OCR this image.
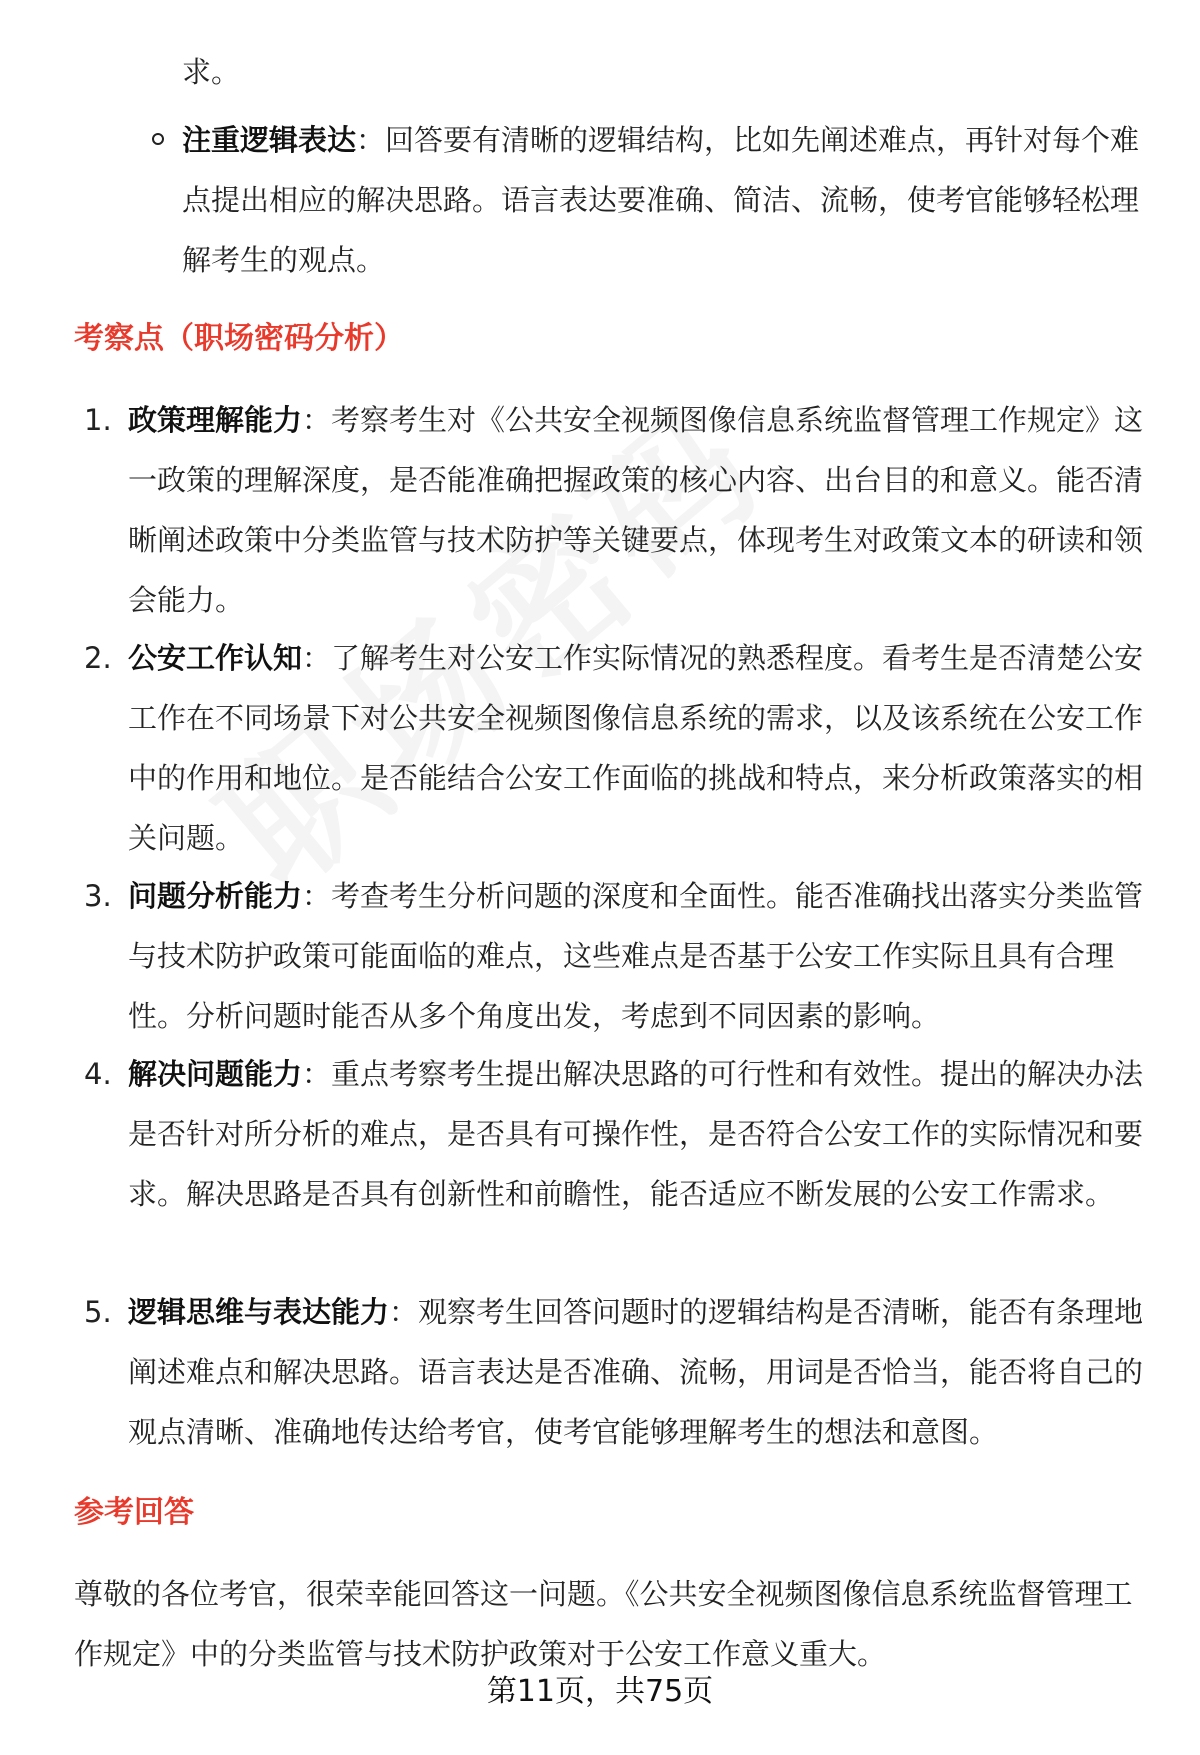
求。

注重逻辑表达：回答要有清晰的逻辑结构，比如先阐述难点，再针对每个难点提出相应的解决思路。语言表达要准确、简洁、流畅，使考官能够轻松理解考生的观点。

考察点（职场密码分析）

1. 政策理解能力：考察考生对《公共安全视频图像信息系统监督管理工作规定》这一政策的理解深度，是否能准确把握政策的核心内容、出台目的和意义。能否清晰阐述政策中分类监管与技术防护等关键要点，体现考生对政策文本的研读和领会能力。

2. 公安工作认知：了解考生对公安工作实际情况的熟悉程度。看考生是否清楚公安工作在不同场景下对公共安全视频图像信息系统的需求，以及该系统在公安工作中的作用和地位。是否能结合公安工作面临的挑战和特点，来分析政策落实的相关问题。

3. 问题分析能力：考查考生分析问题的深度和全面性。能否准确找出落实分类监管与技术防护政策可能面临的难点，这些难点是否基于公安工作实际且具有合理性。分析问题时能否从多个角度出发，考虑到不同因素的影响。

4. 解决问题能力：重点考察考生提出解决思路的可行性和有效性。提出的解决办法是否针对所分析的难点，是否具有可操作性，是否符合公安工作的实际情况和要求。解决思路是否具有创新性和前瞻性，能否适应不断发展的公安工作需求。

5. 逻辑思维与表达能力：观察考生回答问题时的逻辑结构是否清晰，能否有条理地阐述难点和解决思路。语言表达是否准确、流畅，用词是否恰当，能否将自己的观点清晰、准确地传达给考官，使考官能够理解考生的想法和意图。

参考回答

尊敬的各位考官，很荣幸能回答这一问题。《公共安全视频图像信息系统监督管理工作规定》中的分类监管与技术防护政策对于公安工作意义重大。

第11页，共75页
